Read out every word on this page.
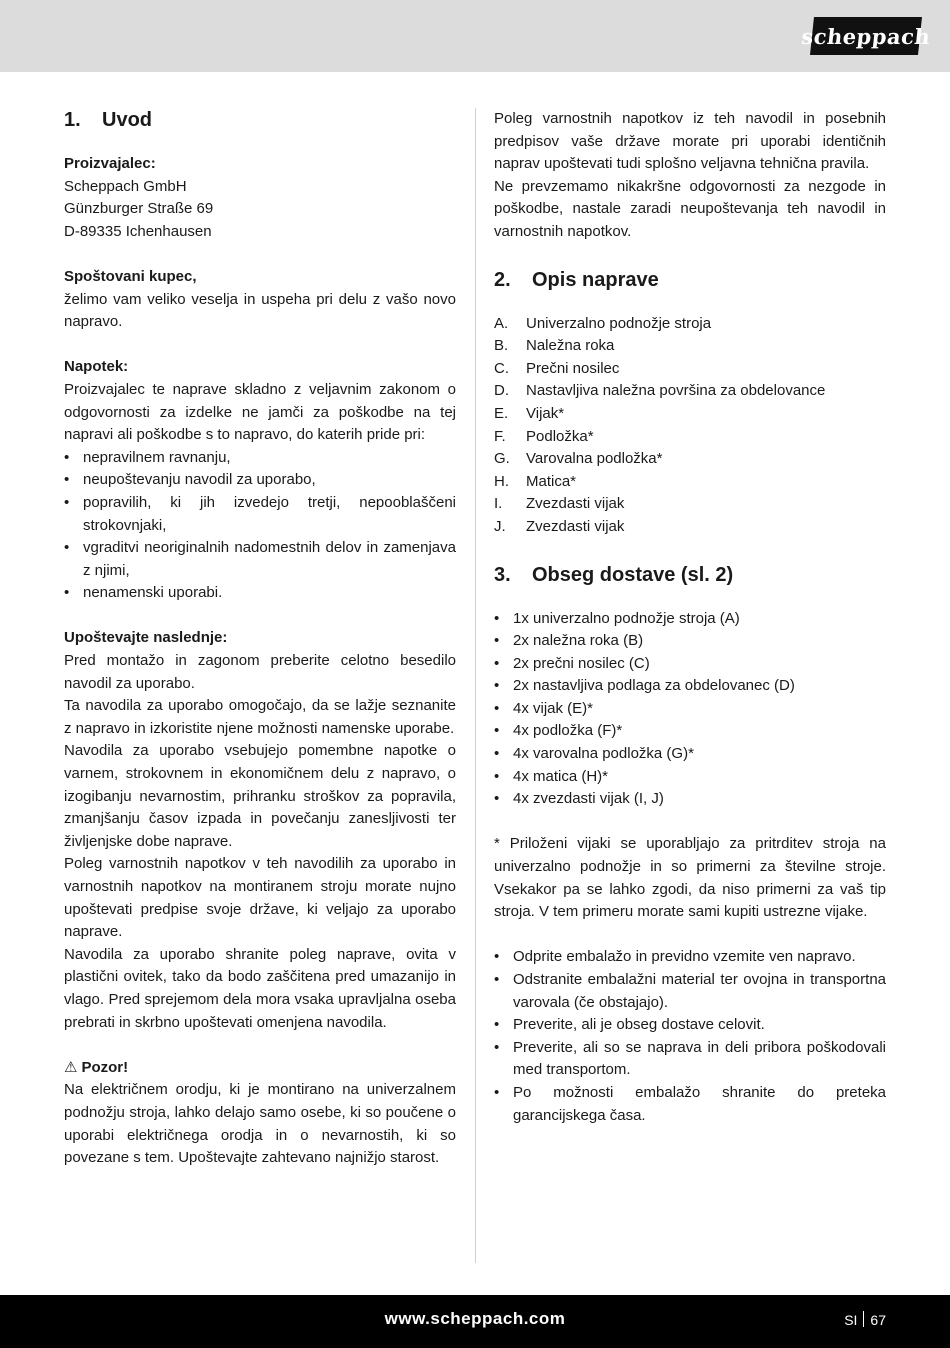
scheppach
1.	Uvod

Proizvajalec:

Scheppach GmbH

Günzburger Straße 69

D-89335 Ichenhausen

Spoštovani kupec,

želimo vam veliko veselja in uspeha pri delu z vašo novo napravo.

Napotek:

Proizvajalec te naprave skladno z veljavnim zakonom o odgovornosti za izdelke ne jamči za poškodbe na tej napravi ali poškodbe s to napravo, do katerih pride pri:

• nepravilnem ravnanju,
• neupoštevanju navodil za uporabo,
• popravilih, ki jih izvedejo tretji, nepooblaščeni strokovnjaki,
• vgraditvi neoriginalnih nadomestnih delov in zamenjava z njimi,
• nenamenski uporabi.

Upoštevajte naslednje:

Pred montažo in zagonom preberite celotno besedilo navodil za uporabo.

Ta navodila za uporabo omogočajo, da se lažje seznanite z napravo in izkoristite njene možnosti namenske uporabe.

Navodila za uporabo vsebujejo pomembne napotke o varnem, strokovnem in ekonomičnem delu z napravo, o izogibanju nevarnostim, prihranku stroškov za popravila, zmanjšanju časov izpada in povečanju zanesljivosti ter življenjske dobe naprave.

Poleg varnostnih napotkov v teh navodilih za uporabo in varnostnih napotkov na montiranem stroju morate nujno upoštevati predpise svoje države, ki veljajo za uporabo naprave.

Navodila za uporabo shranite poleg naprave, ovita v plastični ovitek, tako da bodo zaščitena pred umazanijo in vlago. Pred sprejemom dela mora vsaka upravljalna oseba prebrati in skrbno upoštevati omenjena navodila.

⚠ Pozor!

Na električnem orodju, ki je montirano na univerzalnem podnožju stroja, lahko delajo samo osebe, ki so poučene o uporabi električnega orodja in o nevarnostih, ki so povezane s tem. Upoštevajte zahtevano najnižjo starost.

Poleg varnostnih napotkov iz teh navodil in posebnih predpisov vaše države morate pri uporabi identičnih naprav upoštevati tudi splošno veljavna tehnična pravila.

Ne prevzemamo nikakršne odgovornosti za nezgode in poškodbe, nastale zaradi neupoštevanja teh navodil in varnostnih napotkov.

2.	Opis naprave
A.	Univerzalno podnožje stroja
B.	Naležna roka
C.	Prečni nosilec
D.	Nastavljiva naležna površina za obdelovance
E.	Vijak*
F.	Podložka*
G.	Varovalna podložka*
H.	Matica*
I.	Zvezdasti vijak
J.	Zvezdasti vijak
3.	Obseg dostave (sl. 2)
• 1x univerzalno podnožje stroja (A)
• 2x naležna roka (B)
• 2x prečni nosilec (C)
• 2x nastavljiva podlaga za obdelovanec (D)
• 4x vijak (E)*
• 4x podložka (F)*
• 4x varovalna podložka (G)*
• 4x matica (H)*
• 4x zvezdasti vijak (I, J)

* Priloženi vijaki se uporabljajo za pritrditev stroja na univerzalno podnožje in so primerni za številne stroje. Vsekakor pa se lahko zgodi, da niso primerni za vaš tip stroja. V tem primeru morate sami kupiti ustrezne vijake.

• Odprite embalažo in previdno vzemite ven napravo.
• Odstranite embalažni material ter ovojna in transportna varovala (če obstajajo).
• Preverite, ali je obseg dostave celovit.
• Preverite, ali so se naprava in deli pribora poškodovali med transportom.
• Po možnosti embalažo shranite do preteka garancijskega časa.
www.scheppach.com	SI 67
